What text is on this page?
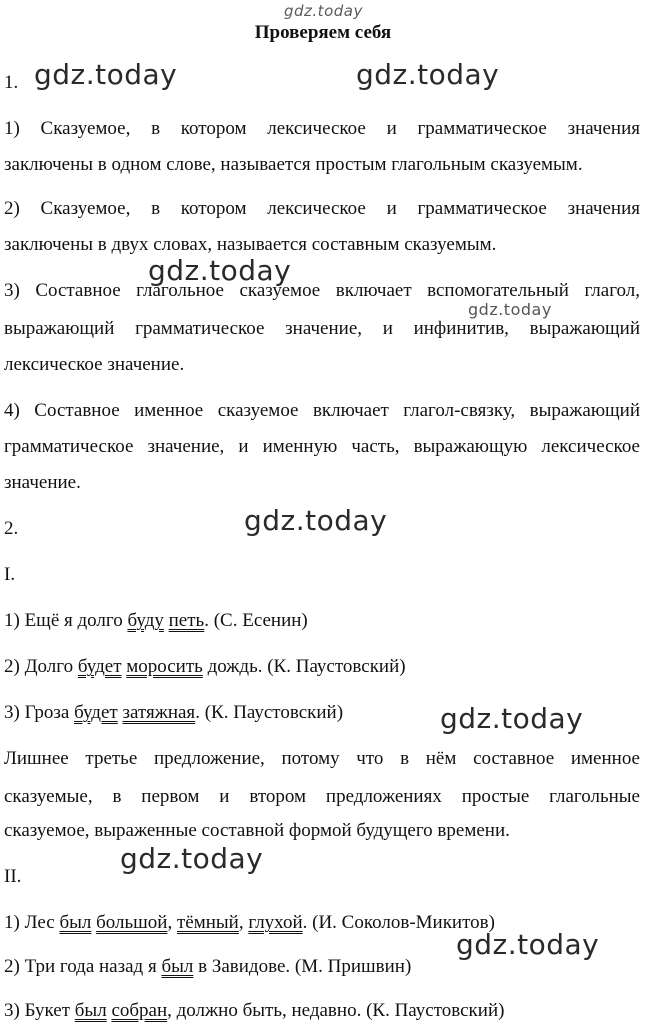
gdz.today
gdz.today	gdz.today
gdz.today
gdz.today
gdz.today
gdz.today
gdz.today
gdz.today
Проверяем себя
1.
1) Сказуемое, в котором лексическое и грамматическое значения
заключены в одном слове, называется простым глагольным сказуемым.
2) Сказуемое, в котором лексическое и грамматическое значения
заключены в двух словах, называется составным сказуемым.
3) Составное глагольное сказуемое включает вспомогательный глагол,
выражающий грамматическое значение, и инфинитив, выражающий
лексическое значение.
4) Составное именное сказуемое включает глагол-связку, выражающий
грамматическое значение, и именную часть, выражающую лексическое
значение.
2.
I.
1) Ещё я долго буду петь. (С. Есенин)
2) Долго будет моросить дождь. (К. Паустовский)
3) Гроза будет затяжная. (К. Паустовский)
Лишнее третье предложение, потому что в нём составное именное
сказуемые, в первом и втором предложениях простые глагольные
сказуемое, выраженные составной формой будущего времени.
II.
1) Лес был большой, тёмный, глухой. (И. Соколов-Микитов)
2) Три года назад я был в Завидове. (М. Пришвин)
3) Букет был собран, должно быть, недавно. (К. Паустовский)
